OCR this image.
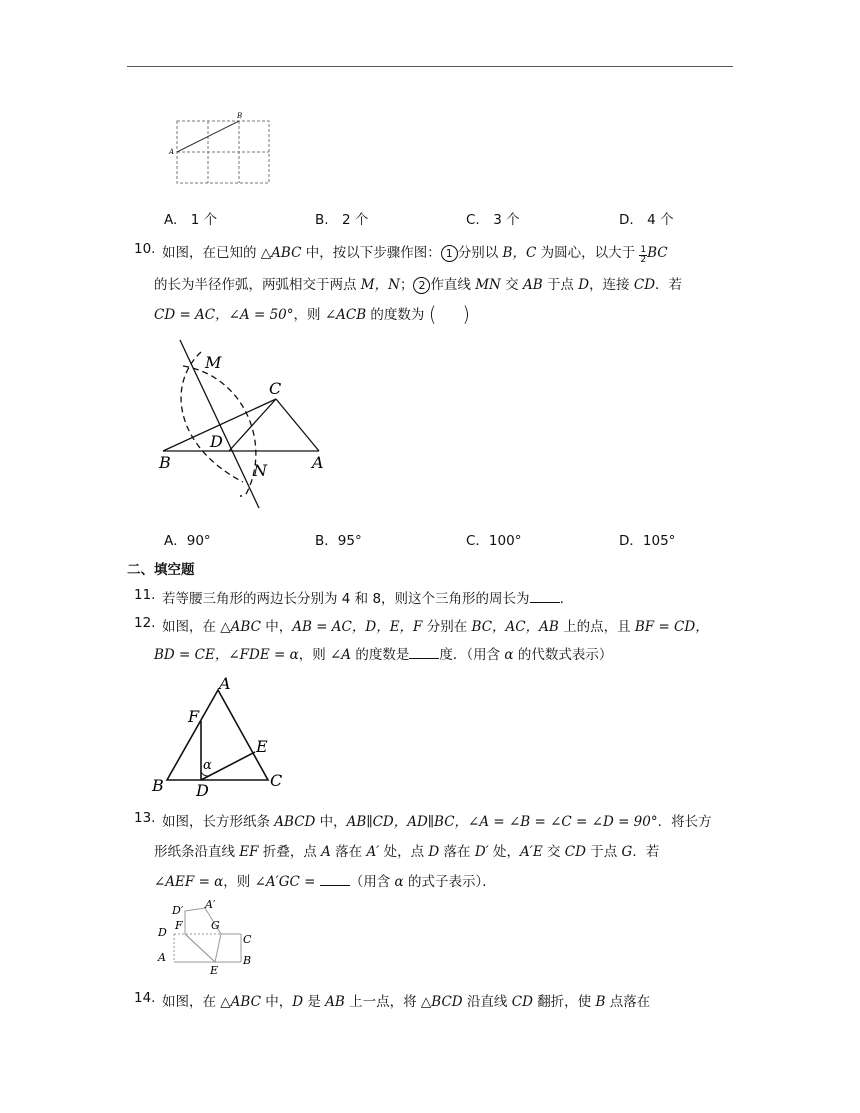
A
B
A.　1 个	B.　2 个	C.　3 个	D.　4 个
10. 如图，在已知的 △ABC 中，按以下步骤作图： 1 分别以 B，C 为圆心，以大于 $\frac{1}{2}$ BC
的长为半径作弧，两弧相交于两点 M，N； 2 作直线 MN 交 AB 于点 D，连接 CD．若
CD = AC，∠A = 50°，则 ∠ACB 的度数为 ( )
M
C
D
B	A
N
A．90°	B．95°	C．100°	D．105°
二、填空题
11. 若等腰三角形的两边长分别为 4 和 8，则这个三角形的周长为 .
12. 如图，在 △ABC 中，AB = AC，D，E，F 分别在 BC，AC，AB 上的点，且 BF = CD，
BD = CE，∠FDE = α，则 ∠A 的度数是 度．（用含 α 的代数式表示）
A
F
E
α
B D
C
13. 如图，长方形纸条 ABCD 中，AB∥CD，AD∥BC，∠A = ∠B = ∠C = ∠D = 90°．将长方
形纸条沿直线 EF 折叠，点 A 落在 A′ 处，点 D 落在 D′ 处，A′E 交 CD 于点 G．若
∠AEF = α，则 ∠A′GC =	（用含 α 的式子表示）．
D′ A′
F	G
D
C
A
E
B
14. 如图，在 △ABC 中，D 是 AB 上一点，将 △BCD 沿直线 CD 翻折，使 B 点落在
